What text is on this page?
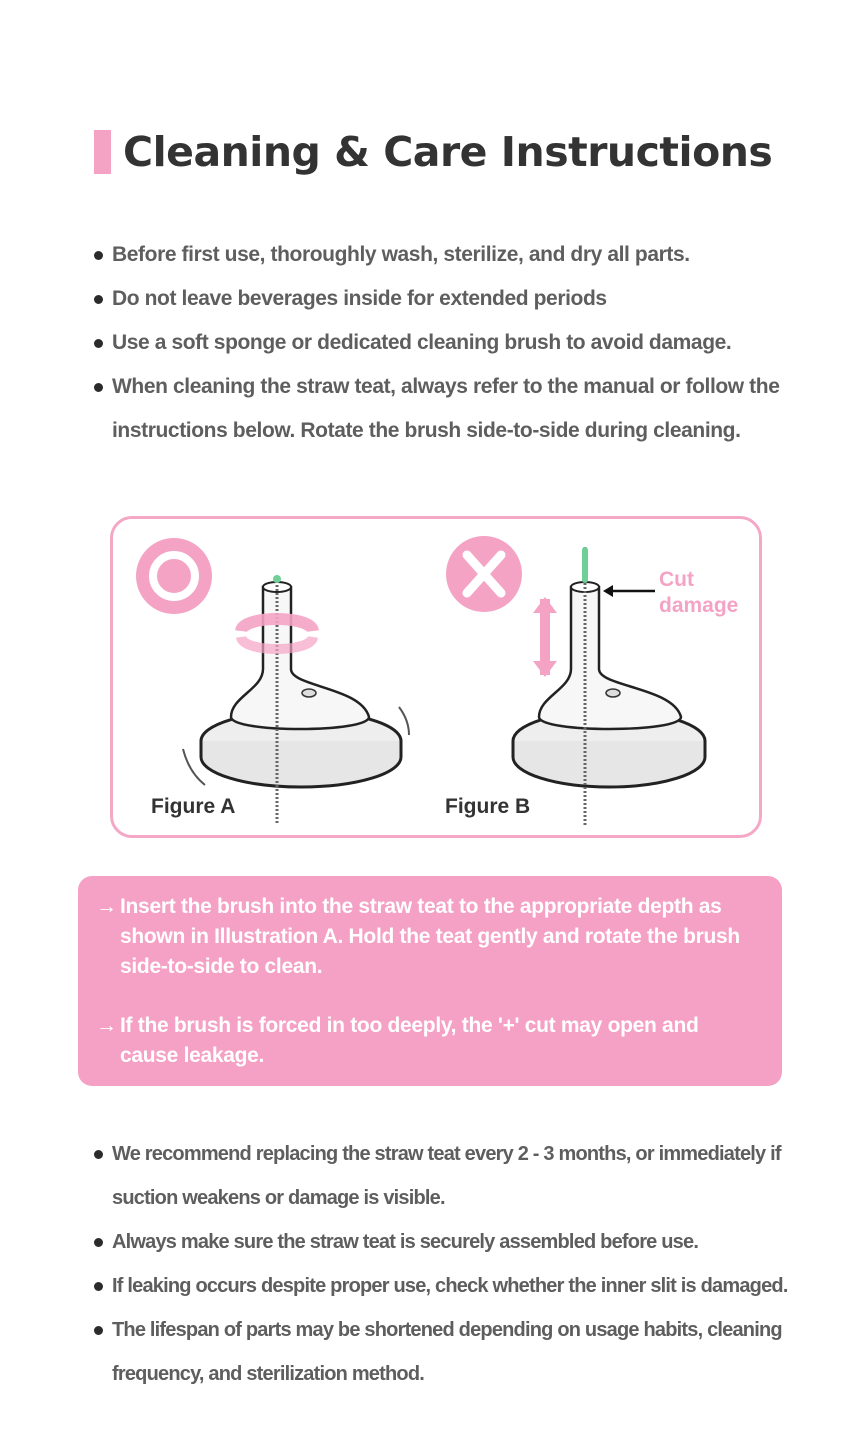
Cleaning & Care Instructions
Before first use, thoroughly wash, sterilize, and dry all parts.
Do not leave beverages inside for extended periods
Use a soft sponge or dedicated cleaning brush to avoid damage.
When cleaning the straw teat, always refer to the manual or follow the instructions below. Rotate the brush side-to-side during cleaning.
Figure A	Figure B
Cut
damage
→ Insert the brush into the straw teat to the appropriate depth as shown in Illustration A. Hold the teat gently and rotate the brush side-to-side to clean.
→ If the brush is forced in too deeply, the '+' cut may open and cause leakage.
We recommend replacing the straw teat every 2 - 3 months, or immediately if suction weakens or damage is visible.
Always make sure the straw teat is securely assembled before use.
If leaking occurs despite proper use, check whether the inner slit is damaged.
The lifespan of parts may be shortened depending on usage habits, cleaning frequency, and sterilization method.
